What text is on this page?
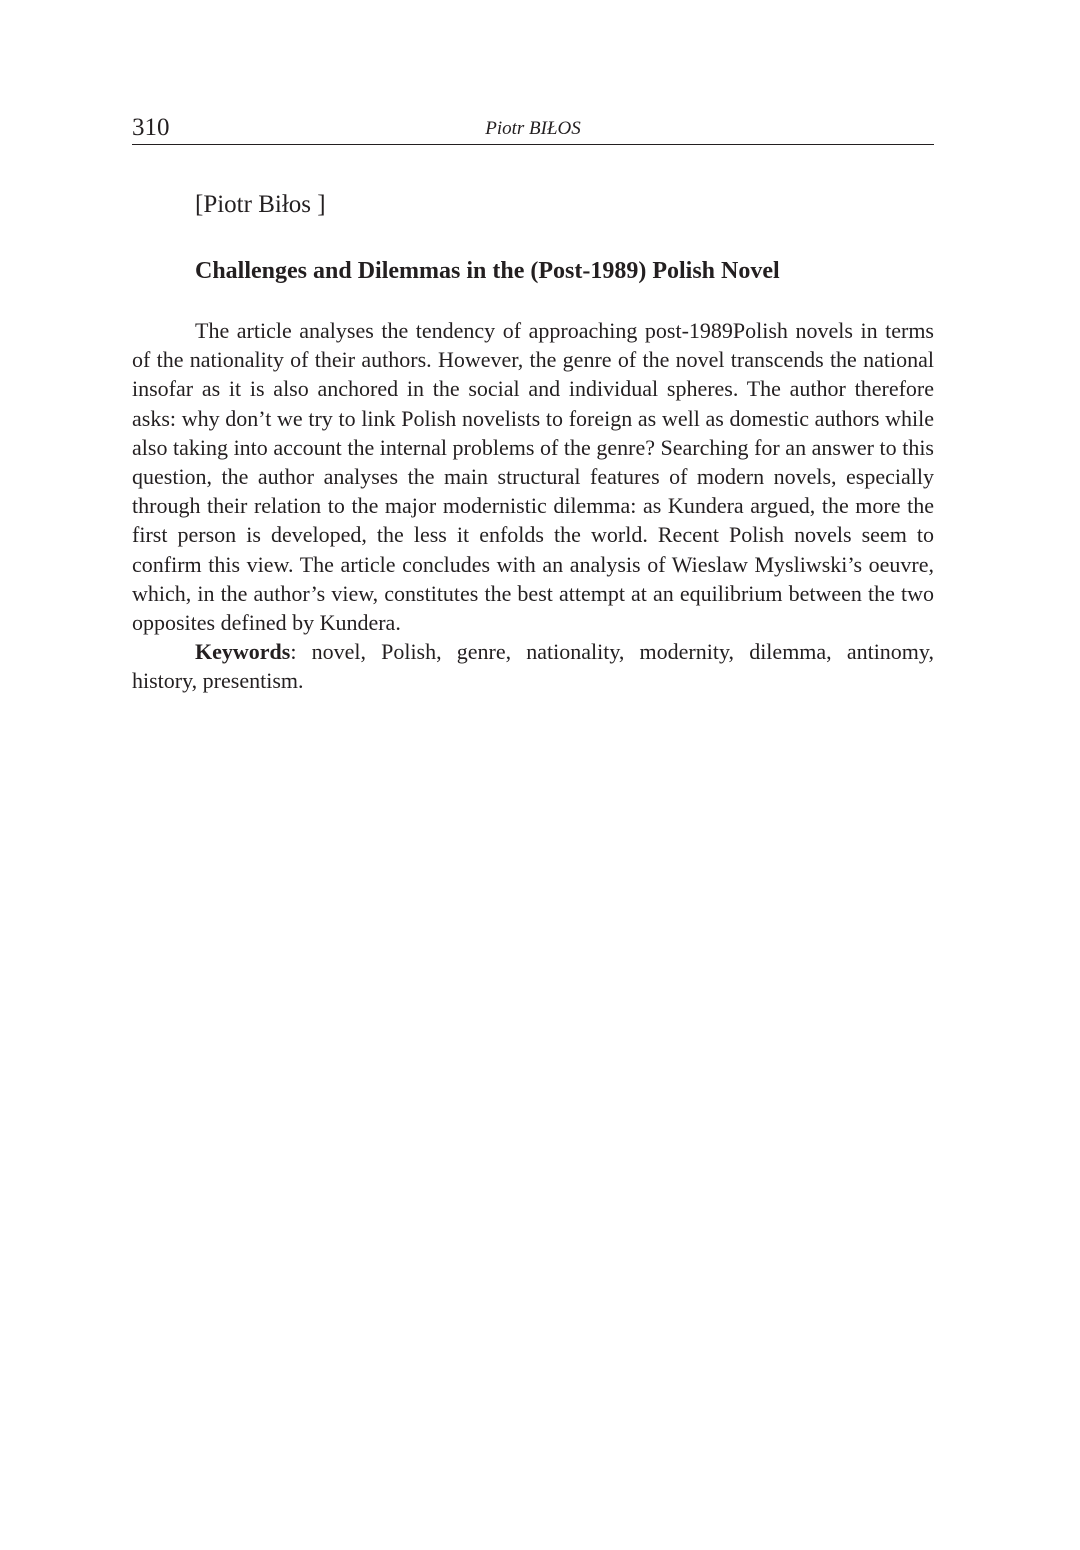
310	Piotr BIŁOS
[Piotr Biłos ]
Challenges and Dilemmas in the (Post-1989) Polish Novel

The article analyses the tendency of approaching post-1989Polish novels in terms of the nationality of their authors. However, the genre of the novel transcends the national insofar as it is also anchored in the social and individual spheres. The author therefore asks: why don’t we try to link Polish novelists to foreign as well as domestic authors while also taking into account the internal problems of the genre? Searching for an answer to this question, the author analyses the main structural features of modern novels, especially through their relation to the major modernistic dilemma: as Kundera argued, the more the first person is developed, the less it enfolds the world. Recent Polish novels seem to confirm this view. The article concludes with an analysis of Wieslaw Mysliwski’s oeuvre, which, in the author’s view, constitutes the best attempt at an equilibrium between the two opposites defined by Kundera.

Keywords: novel, Polish, genre, nationality, modernity, dilemma, antinomy, history, presentism.
